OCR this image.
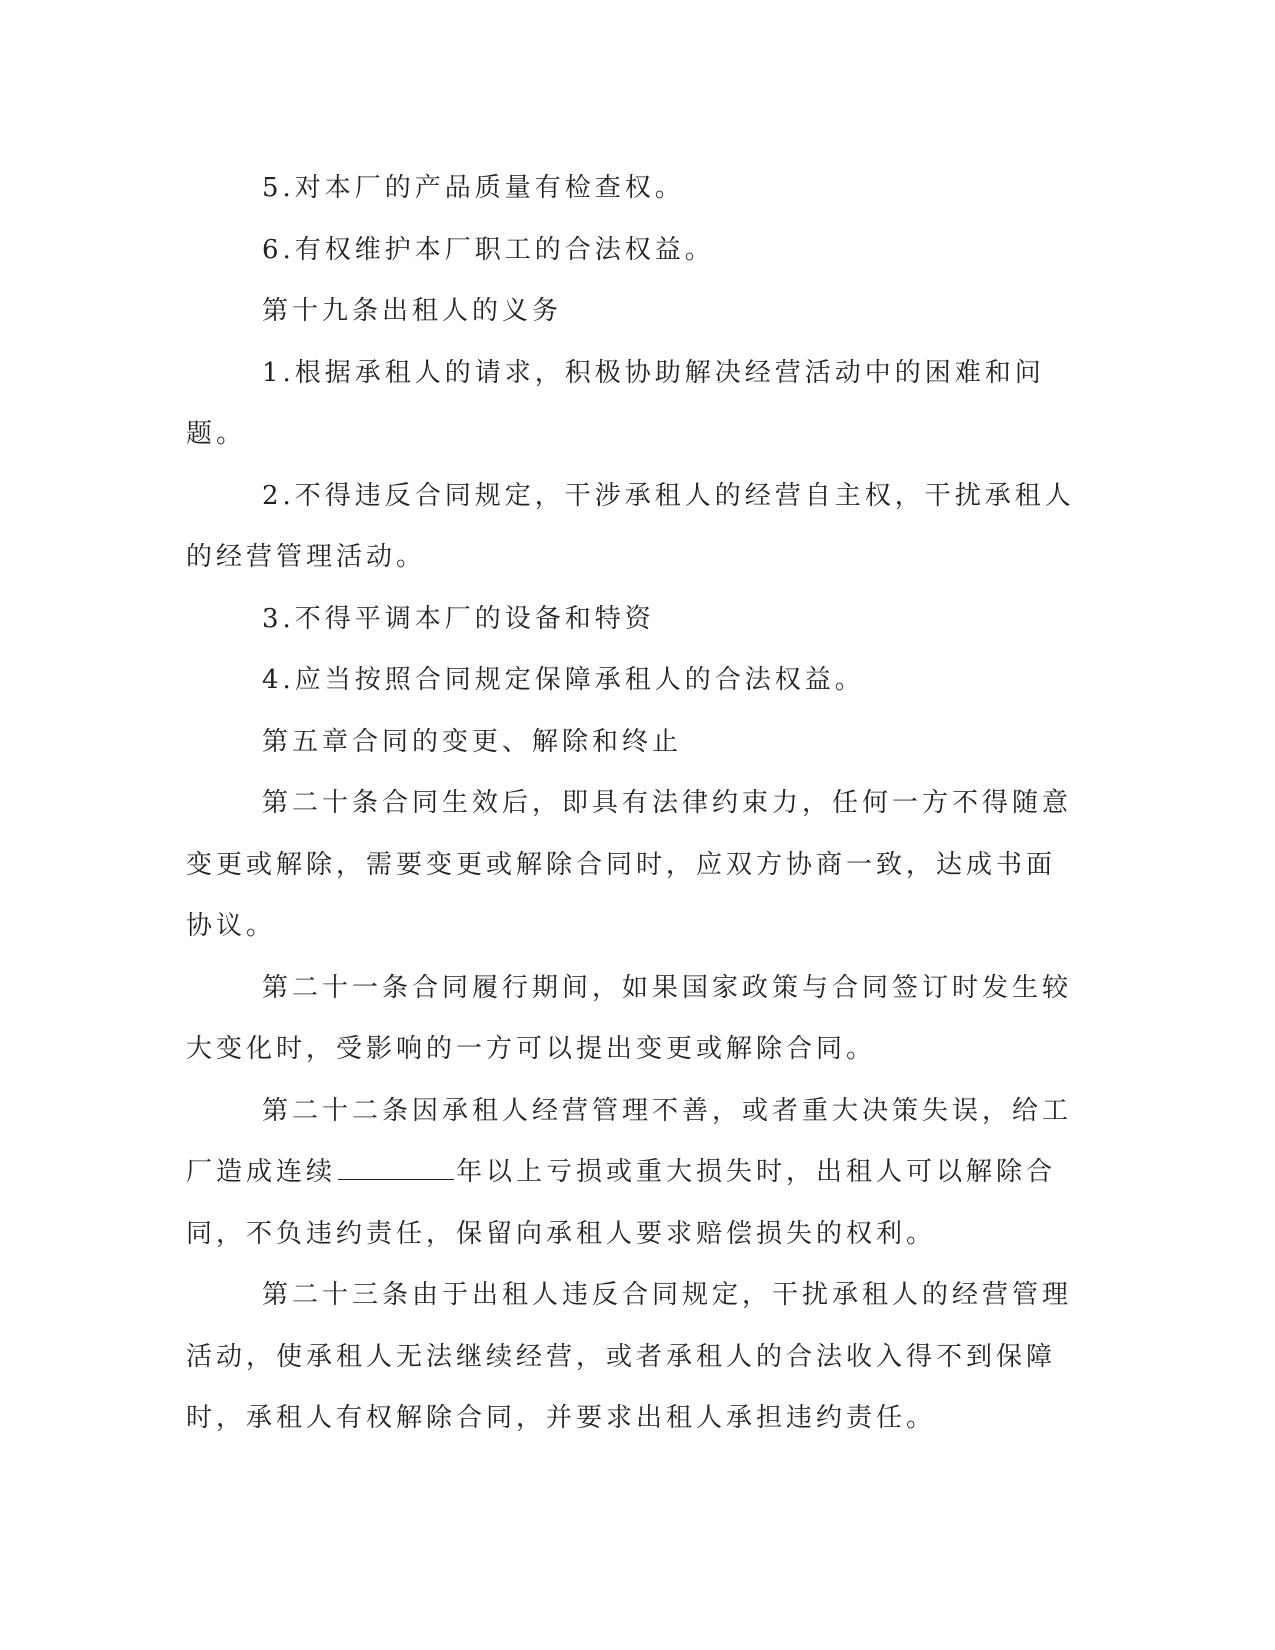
5.对本厂的产品质量有检查权。

6.有权维护本厂职工的合法权益。

第十九条出租人的义务

1.根据承租人的请求，积极协助解决经营活动中的困难和问题。

2.不得违反合同规定，干涉承租人的经营自主权，干扰承租人的经营管理活动。

3.不得平调本厂的设备和特资

4.应当按照合同规定保障承租人的合法权益。

第五章合同的变更、解除和终止

第二十条合同生效后，即具有法律约束力，任何一方不得随意变更或解除，需要变更或解除合同时，应双方协商一致，达成书面协议。

第二十一条合同履行期间，如果国家政策与合同签订时发生较大变化时，受影响的一方可以提出变更或解除合同。

第二十二条因承租人经营管理不善，或者重大决策失误，给工厂造成连续	年以上亏损或重大损失时，出租人可以解除合同，不负违约责任，保留向承租人要求赔偿损失的权利。

第二十三条由于出租人违反合同规定，干扰承租人的经营管理活动，使承租人无法继续经营，或者承租人的合法收入得不到保障时，承租人有权解除合同，并要求出租人承担违约责任。
